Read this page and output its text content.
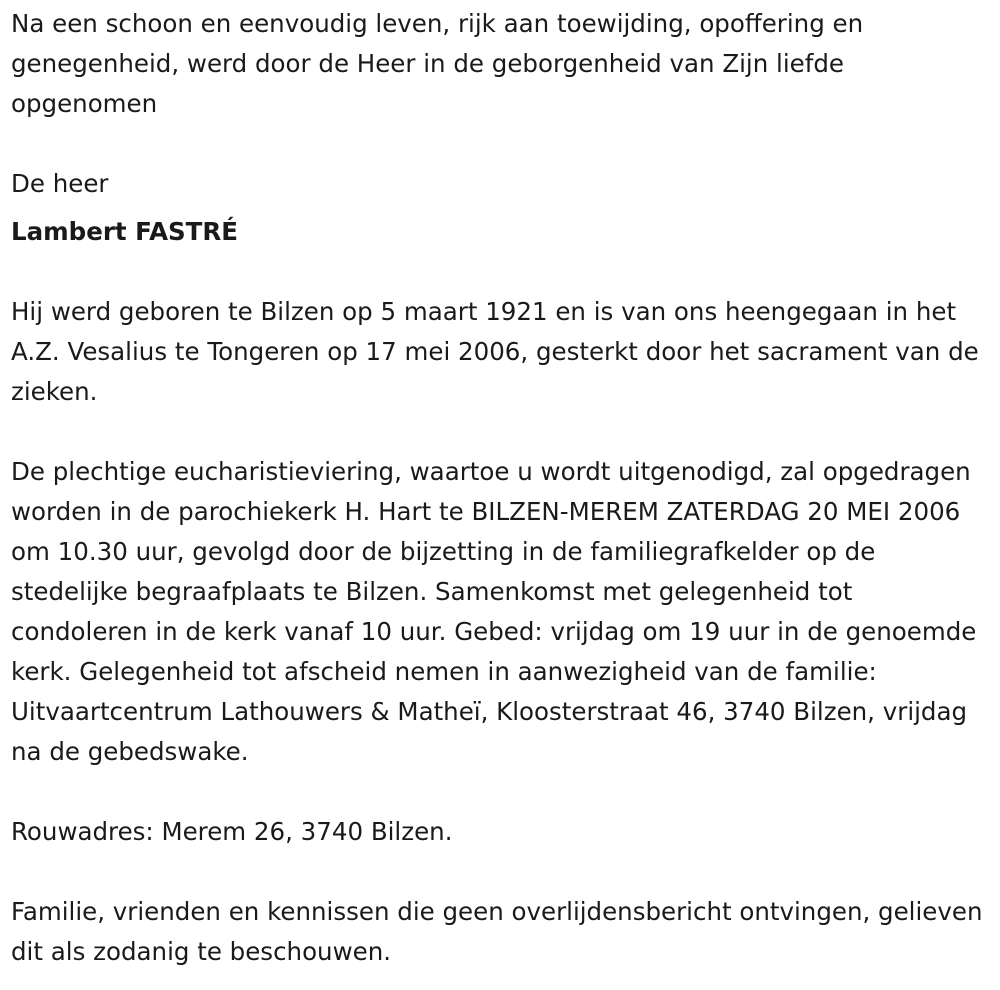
Na een schoon en eenvoudig leven, rijk aan toewijding, opoffering en genegenheid, werd door de Heer in de geborgenheid van Zijn liefde opgenomen

De heer

Lambert FASTRÉ

Hij werd geboren te Bilzen op 5 maart 1921 en is van ons heengegaan in het A.Z. Vesalius te Tongeren op 17 mei 2006, gesterkt door het sacrament van de zieken.

De plechtige eucharistieviering, waartoe u wordt uitgenodigd, zal opgedragen worden in de parochiekerk H. Hart te BILZEN-MEREM ZATERDAG 20 MEI 2006 om 10.30 uur, gevolgd door de bijzetting in de familiegrafkelder op de stedelijke begraafplaats te Bilzen. Samenkomst met gelegenheid tot condoleren in de kerk vanaf 10 uur. Gebed: vrijdag om 19 uur in de genoemde kerk. Gelegenheid tot afscheid nemen in aanwezigheid van de familie: Uitvaartcentrum Lathouwers & Matheï, Kloosterstraat 46, 3740 Bilzen, vrijdag na de gebedswake.

Rouwadres: Merem 26, 3740 Bilzen.

Familie, vrienden en kennissen die geen overlijdensbericht ontvingen, gelieven dit als zodanig te beschouwen.
